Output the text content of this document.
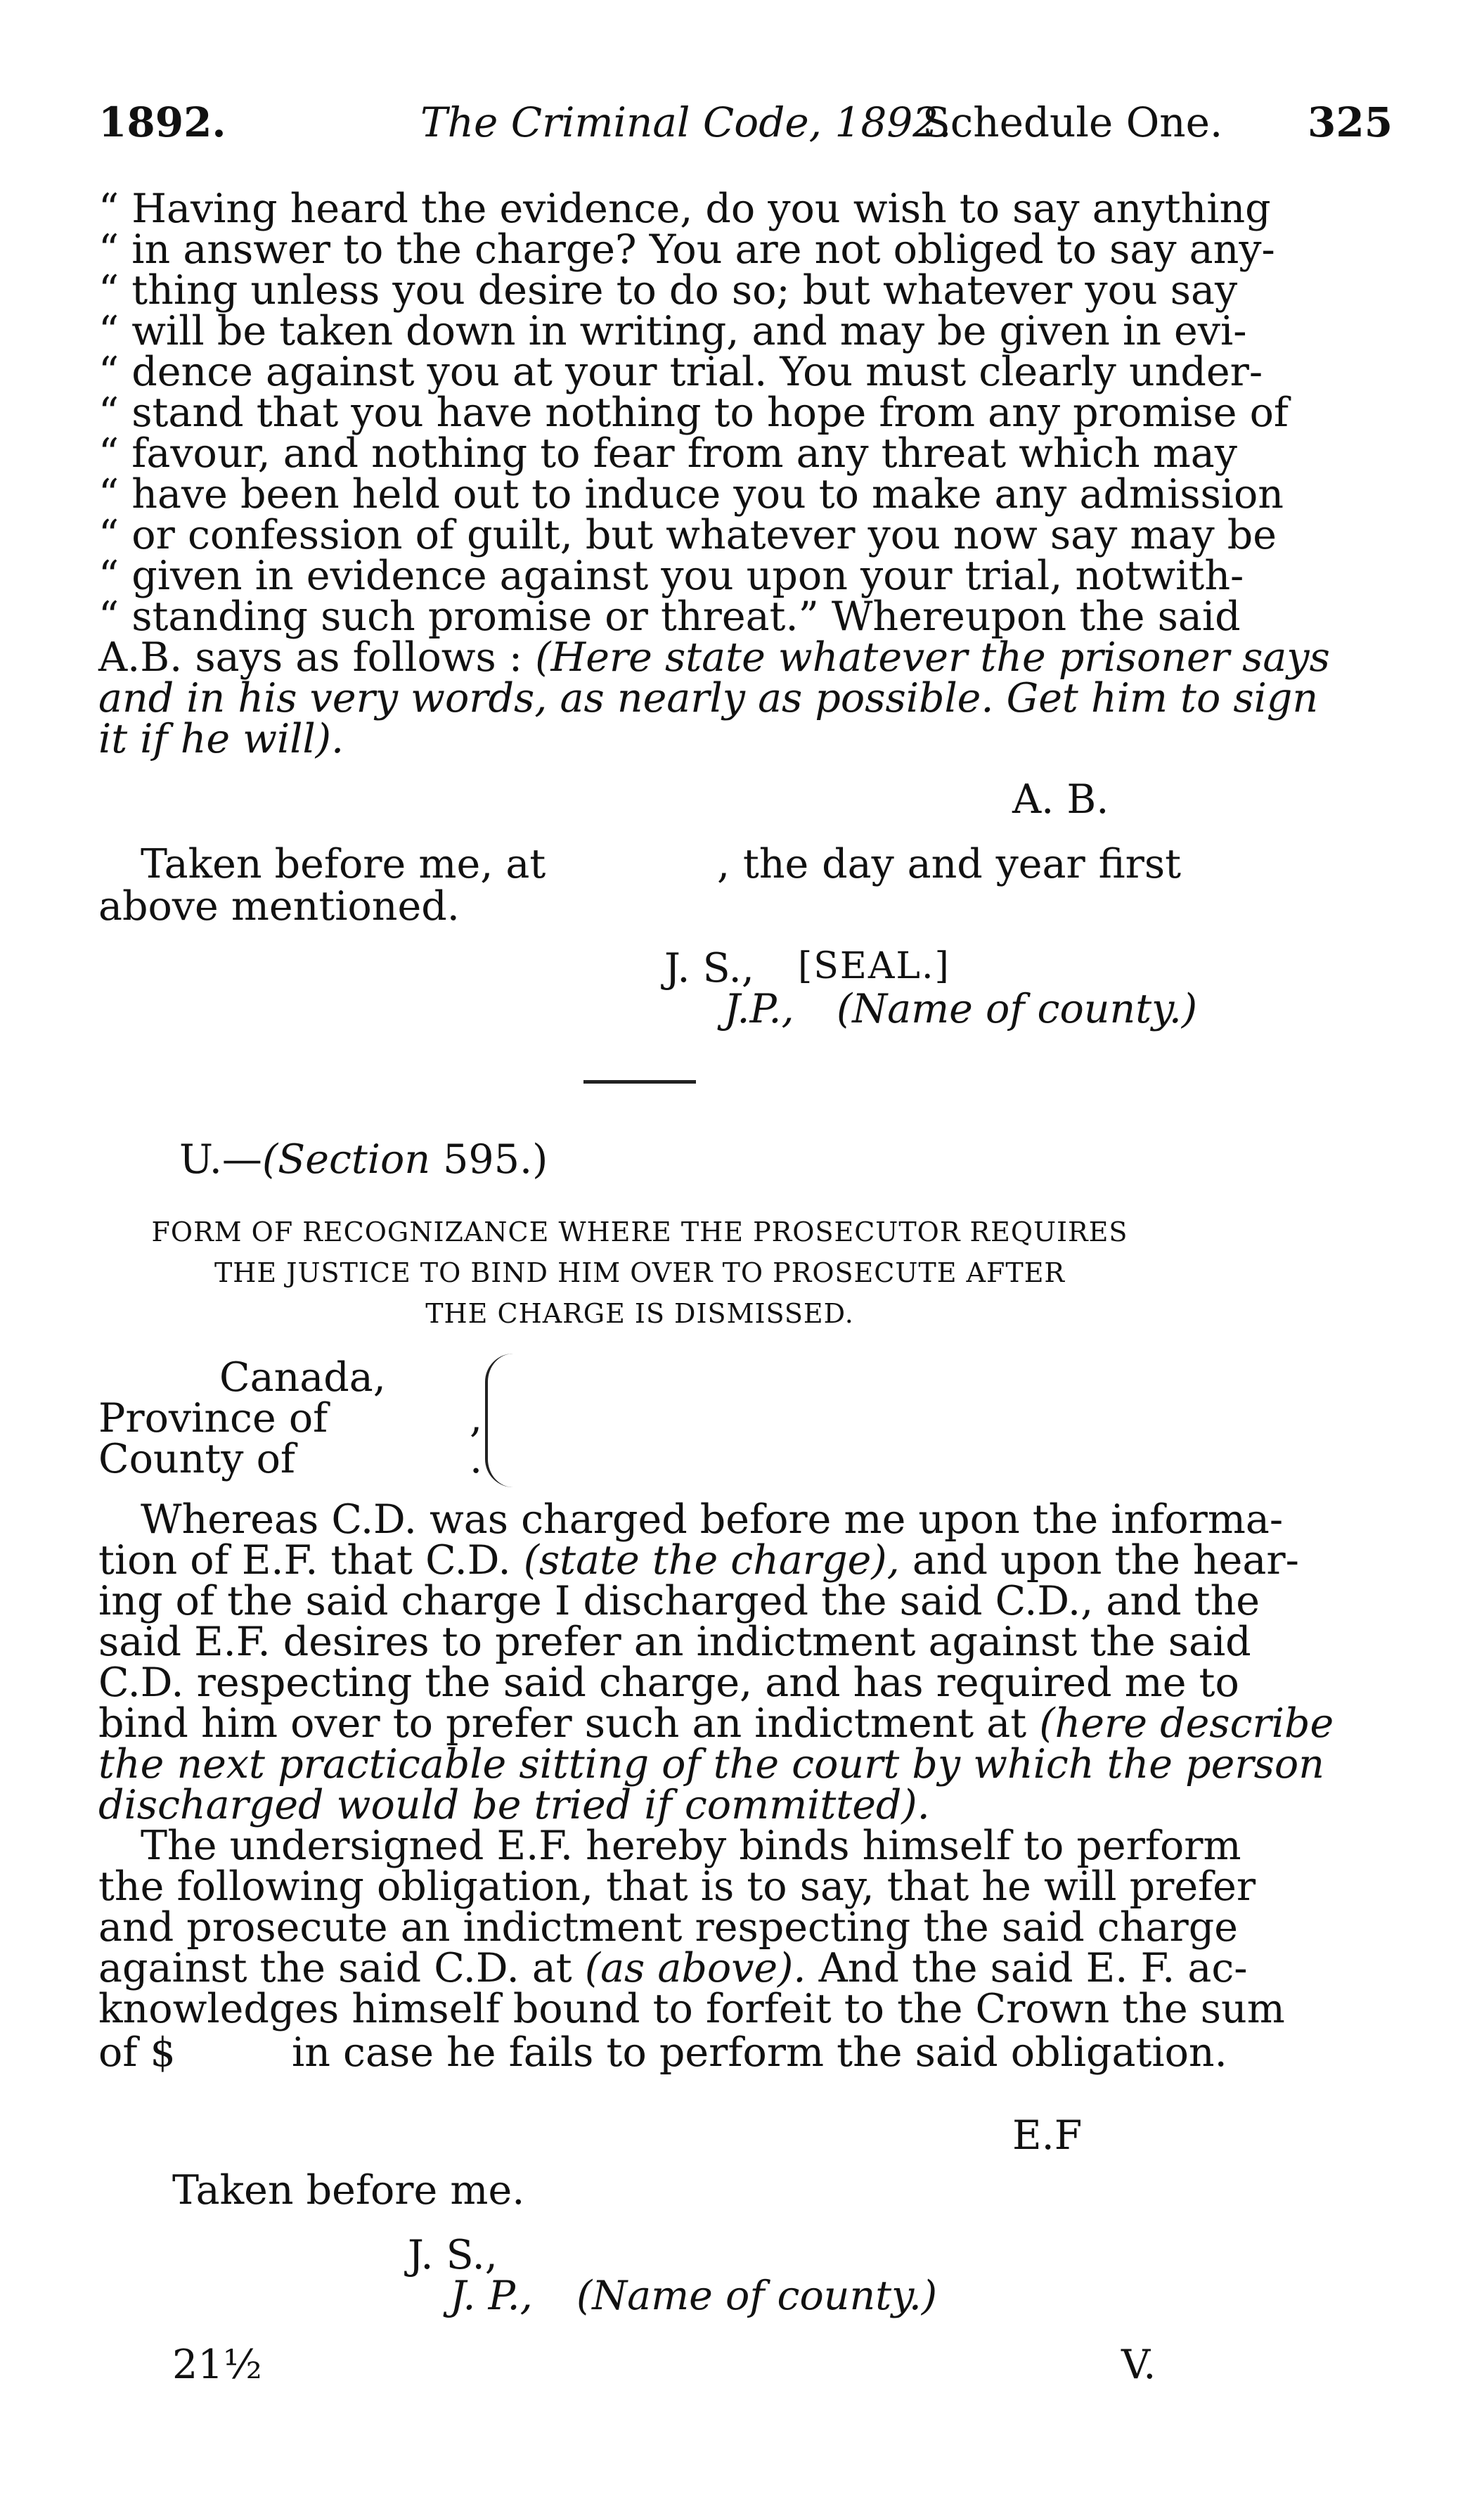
1892.	The Criminal Code, 1892.
Schedule One. 325
“ Having heard the evidence, do you wish to say anything
“ in answer to the charge? You are not obliged to say any-
“ thing unless you desire to do so; but whatever you say
“ will be taken down in writing, and may be given in evi-
“ dence against you at your trial. You must clearly under-
“ stand that you have nothing to hope from any promise of
“ favour, and nothing to fear from any threat which may
“ have been held out to induce you to make any admission
“ or confession of guilt, but whatever you now say may be
“ given in evidence against you upon your trial, notwith-
“ standing such promise or threat.” Whereupon the said
A.B. says as follows : (Here state whatever the prisoner says
and in his very words, as nearly as possible. Get him to sign
it if he will).
A. B.
Taken before me, at	, the day and year first
above mentioned.
J. S., [SEAL.]
J.P., (Name of county.)
U.—(Section 595.)
FORM OF RECOGNIZANCE WHERE THE PROSECUTOR REQUIRES
THE JUSTICE TO BIND HIM OVER TO PROSECUTE AFTER
THE CHARGE IS DISMISSED.
Canada,
Province of
County of
,
.
Whereas C.D. was charged before me upon the informa-
tion of E.F. that C.D. (state the charge), and upon the hear-
ing of the said charge I discharged the said C.D., and the
said E.F. desires to prefer an indictment against the said
C.D. respecting the said charge, and has required me to
bind him over to prefer such an indictment at (here describe
the next practicable sitting of the court by which the person
discharged would be tried if committed).
The undersigned E.F. hereby binds himself to perform
the following obligation, that is to say, that he will prefer
and prosecute an indictment respecting the said charge
against the said C.D. at (as above). And the said E. F. ac-
knowledges himself bound to forfeit to the Crown the sum
of $	in case he fails to perform the said obligation.
E.F
Taken before me.
J. S.,
J. P., (Name of county.)
21½	V.
